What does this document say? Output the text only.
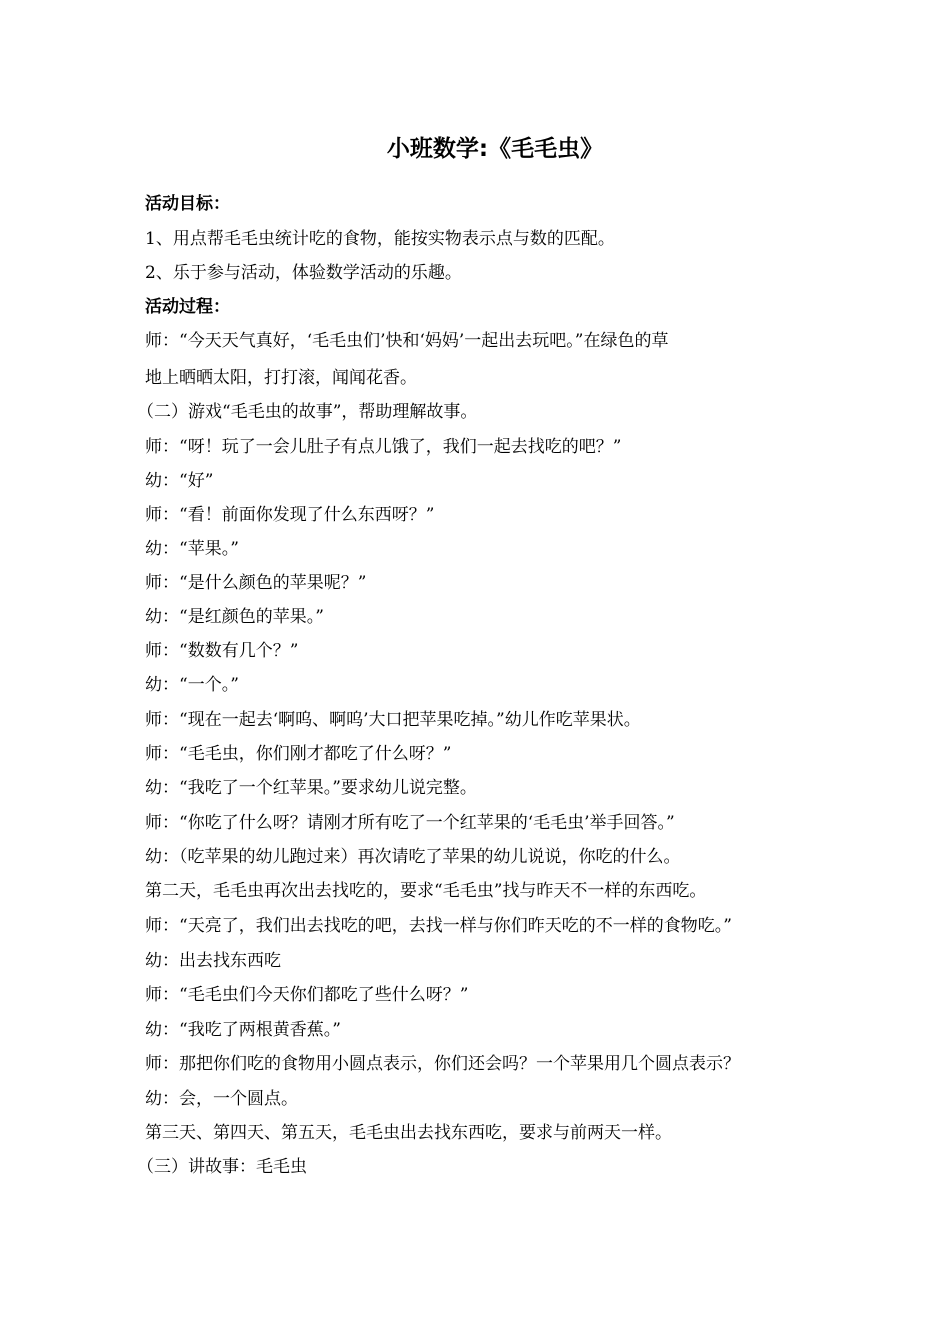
小班数学:《毛毛虫》
活动目标：
1、用点帮毛毛虫统计吃的食物，能按实物表示点与数的匹配。
2、乐于参与活动，体验数学活动的乐趣。
活动过程：
师：“今天天气真好，‘毛毛虫们’快和‘妈妈’一起出去玩吧。”在绿色的草
地上晒晒太阳，打打滚，闻闻花香。
（二）游戏“毛毛虫的故事”，帮助理解故事。
师：“呀！玩了一会儿肚子有点儿饿了，我们一起去找吃的吧？”
幼：“好”
师：“看！前面你发现了什么东西呀？”
幼：“苹果。”
师：“是什么颜色的苹果呢？”
幼：“是红颜色的苹果。”
师：“数数有几个？”
幼：“一个。”
师：“现在一起去‘啊呜、啊呜’大口把苹果吃掉。”幼儿作吃苹果状。
师：“毛毛虫，你们刚才都吃了什么呀？”
幼：“我吃了一个红苹果。”要求幼儿说完整。
师：“你吃了什么呀？请刚才所有吃了一个红苹果的‘毛毛虫’举手回答。”
幼：（吃苹果的幼儿跑过来）再次请吃了苹果的幼儿说说，你吃的什么。
第二天，毛毛虫再次出去找吃的，要求“毛毛虫”找与昨天不一样的东西吃。
师：“天亮了，我们出去找吃的吧，去找一样与你们昨天吃的不一样的食物吃。”
幼：出去找东西吃
师：“毛毛虫们今天你们都吃了些什么呀？”
幼：“我吃了两根黄香蕉。”
师：那把你们吃的食物用小圆点表示，你们还会吗？一个苹果用几个圆点表示？
幼：会，一个圆点。
第三天、第四天、第五天，毛毛虫出去找东西吃，要求与前两天一样。
（三）讲故事：毛毛虫
